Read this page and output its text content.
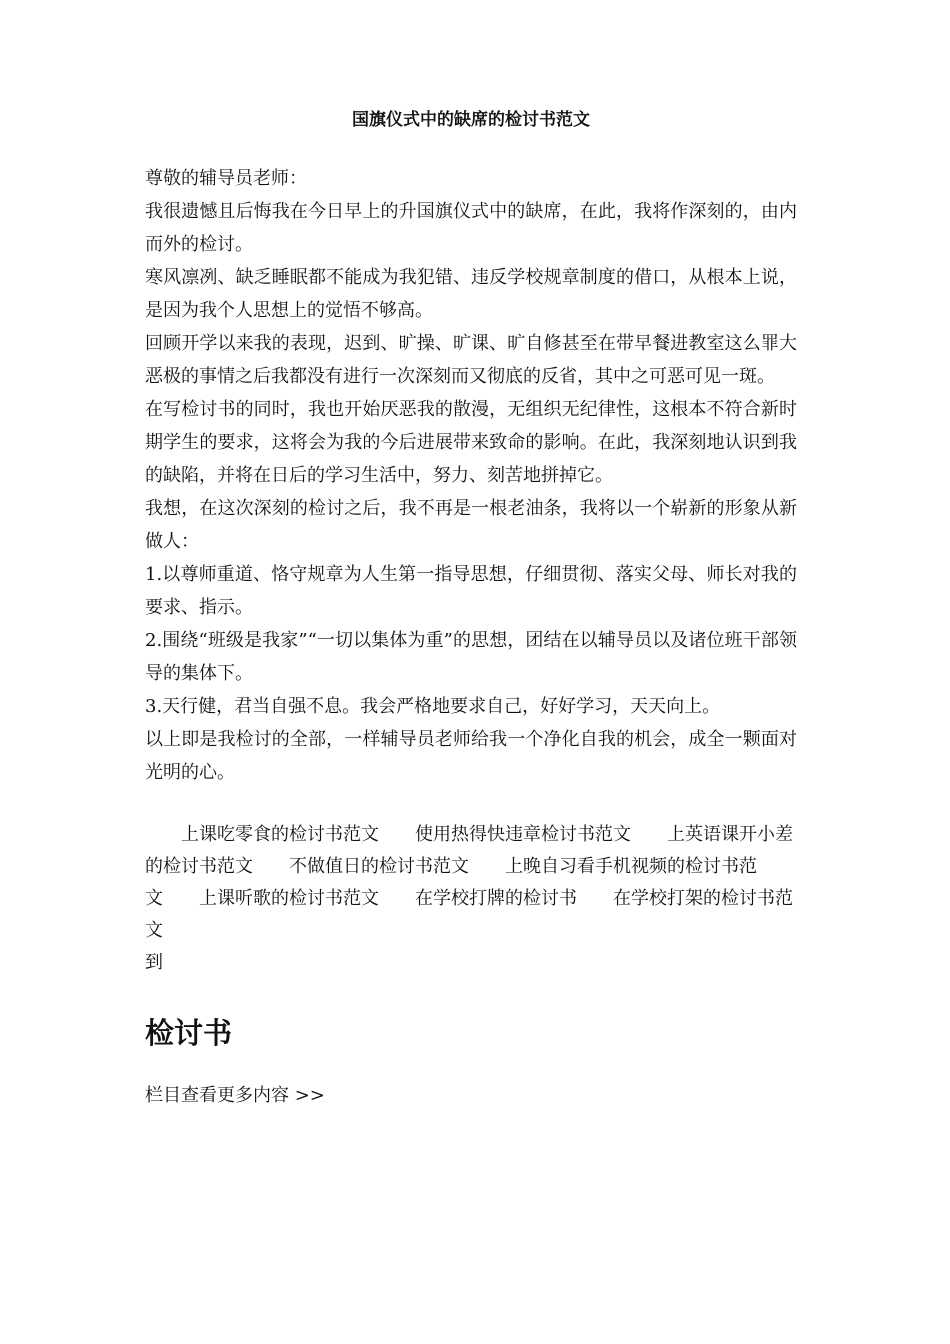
国旗仪式中的缺席的检讨书范文

尊敬的辅导员老师：

我很遗憾且后悔我在今日早上的升国旗仪式中的缺席，在此，我将作深刻的，由内而外的检讨。

寒风凛冽、缺乏睡眠都不能成为我犯错、违反学校规章制度的借口，从根本上说，是因为我个人思想上的觉悟不够高。

回顾开学以来我的表现，迟到、旷操、旷课、旷自修甚至在带早餐进教室这么罪大恶极的事情之后我都没有进行一次深刻而又彻底的反省，其中之可恶可见一斑。

在写检讨书的同时，我也开始厌恶我的散漫，无组织无纪律性，这根本不符合新时期学生的要求，这将会为我的今后进展带来致命的影响。在此，我深刻地认识到我的缺陷，并将在日后的学习生活中，努力、刻苦地拼掉它。

我想，在这次深刻的检讨之后，我不再是一根老油条，我将以一个崭新的形象从新做人：

1.以尊师重道、恪守规章为人生第一指导思想，仔细贯彻、落实父母、师长对我的要求、指示。

2.围绕“班级是我家”“一切以集体为重”的思想，团结在以辅导员以及诸位班干部领导的集体下。

3.天行健，君当自强不息。我会严格地要求自己，好好学习，天天向上。

以上即是我检讨的全部，一样辅导员老师给我一个净化自我的机会，成全一颗面对光明的心。

上课吃零食的检讨书范文 使用热得快违章检讨书范文 上英语课开小差的检讨书范文 不做值日的检讨书范文 上晚自习看手机视频的检讨书范文 上课听歌的检讨书范文 在学校打牌的检讨书 在学校打架的检讨书范文

到

检讨书
栏目查看更多内容 >>
